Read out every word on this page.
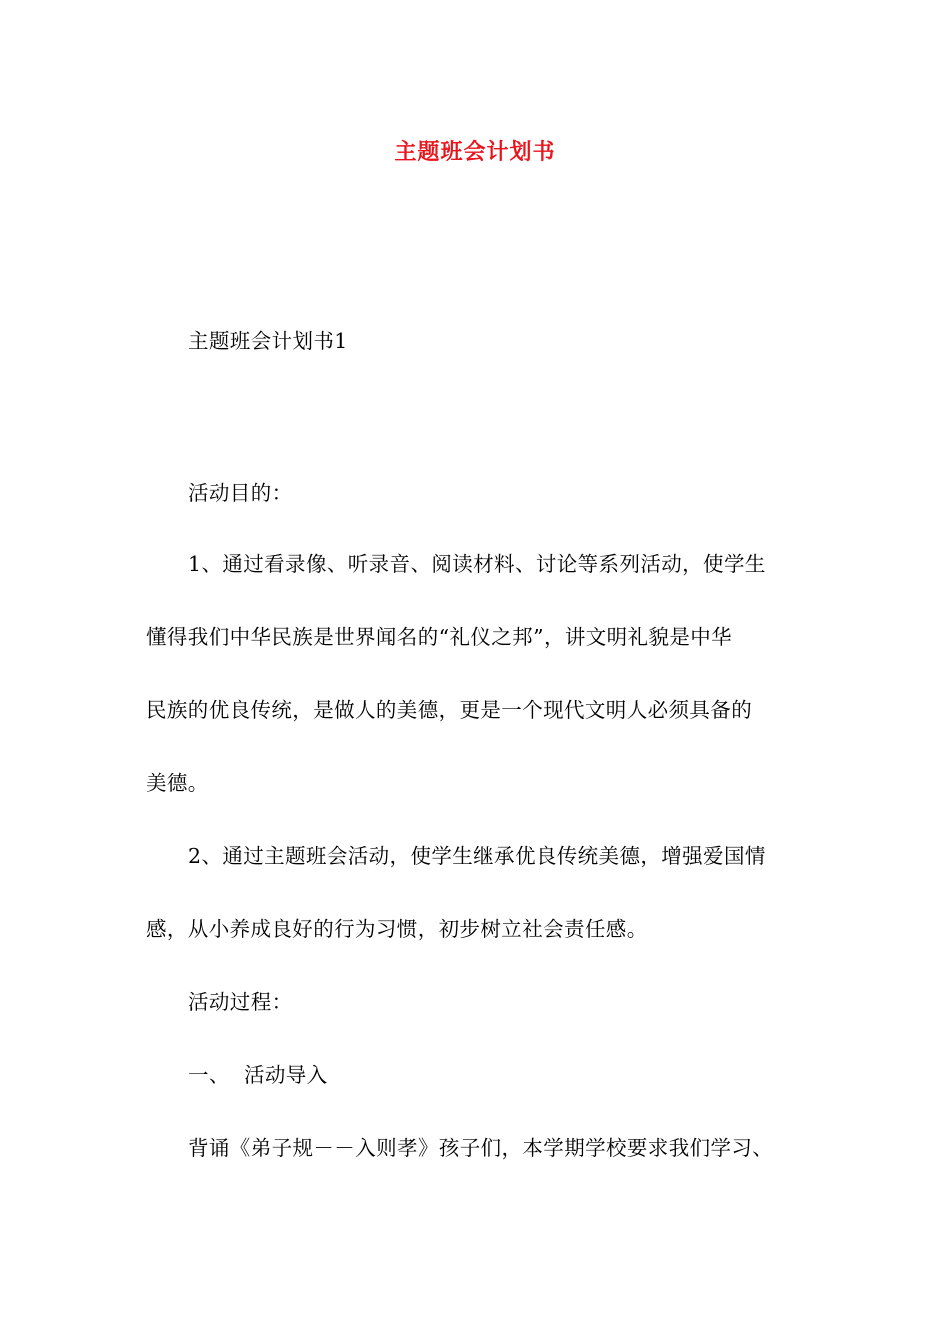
主题班会计划书
主题班会计划书1
活动目的：
1、通过看录像、听录音、阅读材料、讨论等系列活动，使学生
懂得我们中华民族是世界闻名的“礼仪之邦”，讲文明礼貌是中华
民族的优良传统，是做人的美德，更是一个现代文明人必须具备的
美德。
2、通过主题班会活动，使学生继承优良传统美德，增强爱国情
感，从小养成良好的行为习惯，初步树立社会责任感。
活动过程：
一、 活动导入
背诵《弟子规－－入则孝》孩子们，本学期学校要求我们学习、
